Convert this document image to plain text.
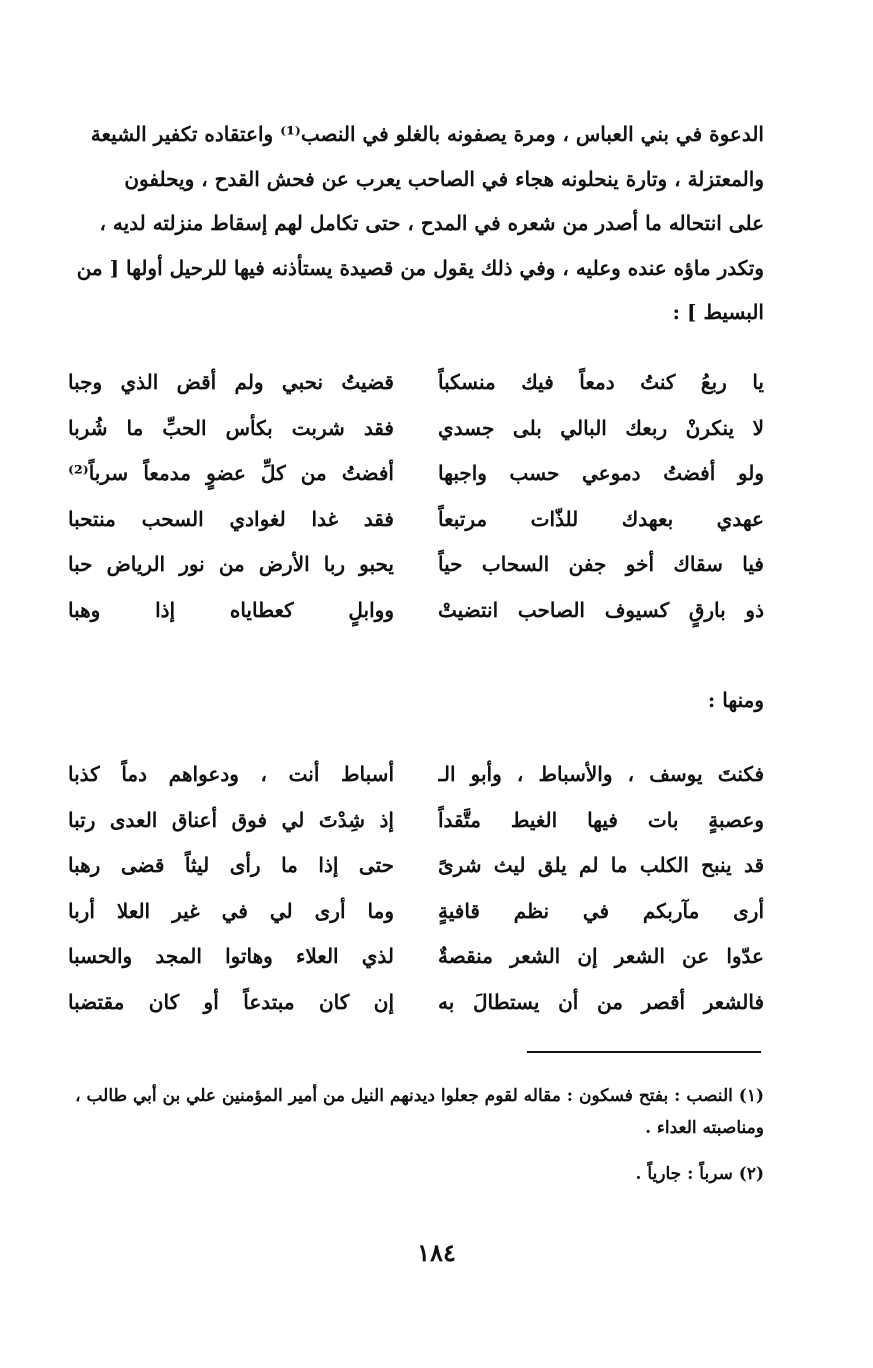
الدعوة في بني العباس ، ومرة يصفونه بالغلو في النصب⁽¹⁾ واعتقاده تكفير الشيعة
والمعتزلة ، وتارة ينحلونه هجاء في الصاحب يعرب عن فحش القدح ، ويحلفون
على انتحاله ما أصدر من شعره في المدح ، حتى تكامل لهم إسقاط منزلته لديه ،
وتكدر ماؤه عنده وعليه ، وفي ذلك يقول من قصيدة يستأذنه فيها للرحيل أولها [ من
البسيط ] :
يا ربعُ كنتُ دمعاً فيك منسكباً
قضيتُ نحبي ولم أقض الذي وجبا
لا ينكرنْ ربعك البالي بلى جسدي
فقد شربت بكأس الحبِّ ما شُربا
ولو أفضتُ دموعي حسب واجبها
أفضتُ من كلِّ عضوٍ مدمعاً سرباً⁽²⁾
عهدي بعهدك للذّات مرتبعاً
فقد غدا لغوادي السحب منتحبا
فيا سقاك أخو جفن السحاب حياً
يحبو ربا الأرض من نور الرياض حبا
ذو بارقٍ كسيوف الصاحب انتضيتْ
ووابلٍ كعطاياه إذا وهبا
ومنها :
فكنتَ يوسف ، والأسباط ، وأبو الـ
أسباط أنت ، ودعواهم دماً كذبا
وعصبةٍ بات فيها الغيط متَّقداً
إذ شِدْتَ لي فوق أعناق العدى رتبا
قد ينبح الكلب ما لم يلق ليث شرىً
حتى إذا ما رأى ليثاً قضى رهبا
أرى مآربكم في نظم قافيةٍ
وما أرى لي في غير العلا أربا
عدّوا عن الشعر إن الشعر منقصةٌ
لذي العلاء وهاتوا المجد والحسبا
فالشعر أقصر من أن يستطالَ به
إن كان مبتدعاً أو كان مقتضبا
(١) النصب : بفتح فسكون : مقاله لقوم جعلوا ديدنهم النيل من أمير المؤمنين علي بن أبي طالب ،
ومناصبته العداء .
(٢) سرباً : جارياً .
١٨٤
